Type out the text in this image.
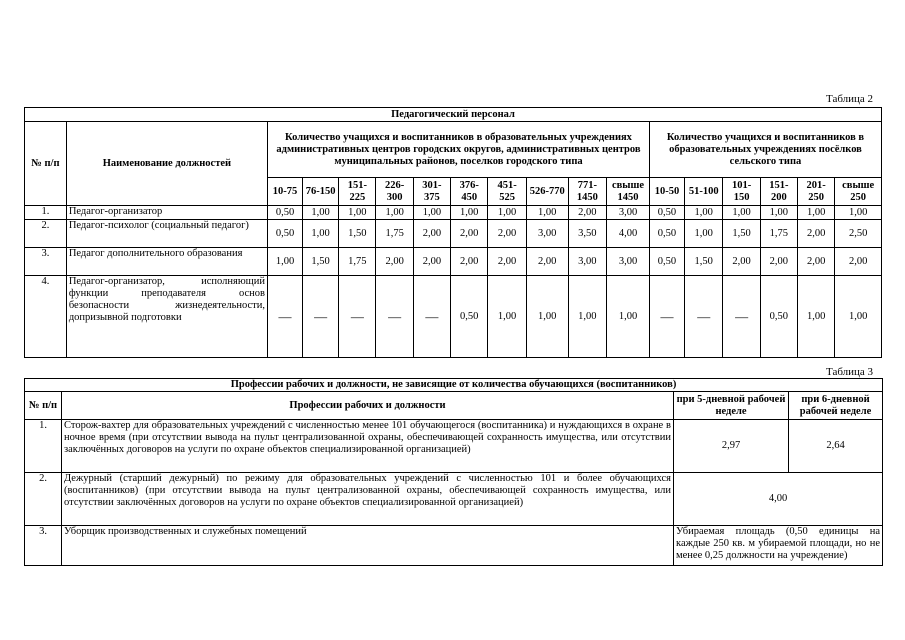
Таблица 2
Педагогический персонал																	
№ п/п	Наименование должностей	Количество учащихся и воспитанников в образовательных учреждениях административных центров городских округов, административных центров муниципальных районов, поселков городского типа										Количество учащихся и воспитанников в образовательных учреждениях посёлков сельского типа					
		10-75	76-150	151-225	226-300	301-375	376-450	451-525	526-770	771-1450	свыше 1450	10-50	51-100	101-150	151-200	201-250	свыше 250
1.	Педагог-организатор	0,50	1,00	1,00	1,00	1,00	1,00	1,00	1,00	2,00	3,00	0,50	1,00	1,00	1,00	1,00	1,00
2.	Педагог-психолог (социальный педагог)	0,50	1,00	1,50	1,75	2,00	2,00	2,00	3,00	3,50	4,00	0,50	1,00	1,50	1,75	2,00	2,50
3.	Педагог дополнительного образования	1,00	1,50	1,75	2,00	2,00	2,00	2,00	2,00	3,00	3,00	0,50	1,50	2,00	2,00	2,00	2,00
4.	Педагог-организатор, исполняющий функции преподавателя основ безопасности жизнедеятельности, допризывной подготовки	—	—	—	—	—	0,50	1,00	1,00	1,00	1,00	—	—	—	0,50	1,00	1,00
Таблица 3
Профессии рабочих и должности, не зависящие от количества обучающихся (воспитанников)			
№ п/п	Профессии рабочих и должности	при 5-дневной рабочей неделе	при 6-дневной рабочей неделе
1.	Сторож-вахтер для образовательных учреждений с численностью менее 101 обучающегося (воспитанника) и нуждающихся в охране в ночное время (при отсутствии вывода на пульт централизованной охраны, обеспечивающей сохранность имущества, или отсутствии заключённых договоров на услуги по охране объектов специализированной организацией)	2,97	2,64
2.	Дежурный (старший дежурный) по режиму для образовательных учреждений с численностью 101 и более обучающихся (воспитанников) (при отсутствии вывода на пульт централизованной охраны, обеспечивающей сохранность имущества, или отсутствии заключённых договоров на услуги по охране объектов специализированной организацией)	4,00	
3.	Уборщик производственных и служебных помещений	Убираемая площадь (0,50 единицы на каждые 250 кв. м убираемой площади, но не менее 0,25 должности на учреждение)	
